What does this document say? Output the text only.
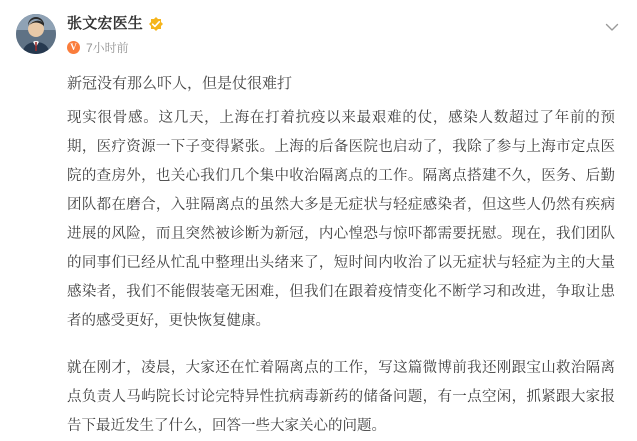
张文宏医生
V 7小时前
新冠没有那么吓人，但是仗很难打

现实很骨感。这几天，上海在打着抗疫以来最艰难的仗，感染人数超过了年前的预期，医疗资源一下子变得紧张。上海的后备医院也启动了，我除了参与上海市定点医院的查房外，也关心我们几个集中收治隔离点的工作。隔离点搭建不久，医务、后勤团队都在磨合，入驻隔离点的虽然大多是无症状与轻症感染者，但这些人仍然有疾病进展的风险，而且突然被诊断为新冠，内心惶恐与惊吓都需要抚慰。现在，我们团队的同事们已经从忙乱中整理出头绪来了，短时间内收治了以无症状与轻症为主的大量感染者，我们不能假装毫无困难，但我们在跟着疫情变化不断学习和改进，争取让患者的感受更好，更快恢复健康。

就在刚才，凌晨，大家还在忙着隔离点的工作，写这篇微博前我还刚跟宝山救治隔离点负责人马屿院长讨论完特异性抗病毒新药的储备问题，有一点空闲，抓紧跟大家报告下最近发生了什么，回答一些大家关心的问题。
